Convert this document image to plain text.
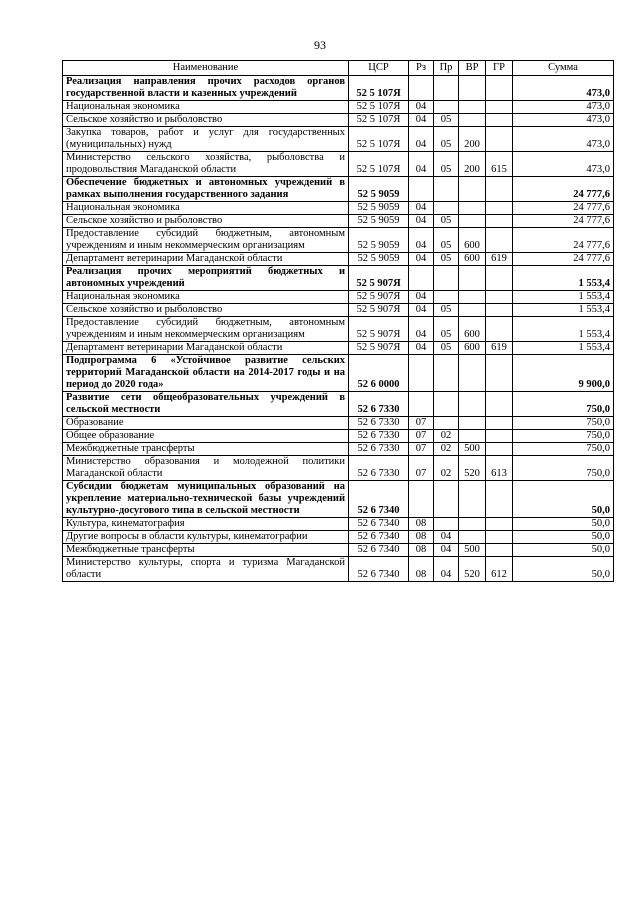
93
Наименование	ЦСР	Рз	Пр	ВР	ГР	Сумма
Реализация направления прочих расходов органов государственной власти и казенных учреждений	52 5 107Я					473,0
Национальная экономика	52 5 107Я	04				473,0
Сельское хозяйство и рыболовство	52 5 107Я	04	05			473,0
Закупка товаров, работ и услуг для государственных (муниципальных) нужд	52 5 107Я	04	05	200		473,0
Министерство сельского хозяйства, рыболовства и продовольствия Магаданской области	52 5 107Я	04	05	200	615	473,0
Обеспечение бюджетных и автономных учреждений в рамках выполнения государственного задания	52 5 9059					24 777,6
Национальная экономика	52 5 9059	04				24 777,6
Сельское хозяйство и рыболовство	52 5 9059	04	05			24 777,6
Предоставление субсидий бюджетным, автономным учреждениям и иным некоммерческим организациям	52 5 9059	04	05	600		24 777,6
Департамент ветеринарии Магаданской области	52 5 9059	04	05	600	619	24 777,6
Реализация прочих мероприятий бюджетных и автономных учреждений	52 5 907Я					1 553,4
Национальная экономика	52 5 907Я	04				1 553,4
Сельское хозяйство и рыболовство	52 5 907Я	04	05			1 553,4
Предоставление субсидий бюджетным, автономным учреждениям и иным некоммерческим организациям	52 5 907Я	04	05	600		1 553,4
Департамент ветеринарии Магаданской области	52 5 907Я	04	05	600	619	1 553,4
Подпрограмма 6 «Устойчивое развитие сельских территорий Магаданской области на 2014-2017 годы и на период до 2020 года»	52 6 0000					9 900,0
Развитие сети общеобразовательных учреждений в сельской местности	52 6 7330					750,0
Образование	52 6 7330	07				750,0
Общее образование	52 6 7330	07	02			750,0
Межбюджетные трансферты	52 6 7330	07	02	500		750,0
Министерство образования и молодежной политики Магаданской области	52 6 7330	07	02	520	613	750,0
Субсидии бюджетам муниципальных образований на укрепление материально-технической базы учреждений культурно-досугового типа в сельской местности	52 6 7340					50,0
Культура, кинематография	52 6 7340	08				50,0
Другие вопросы в области культуры, кинематографии	52 6 7340	08	04			50,0
Межбюджетные трансферты	52 6 7340	08	04	500		50,0
Министерство культуры, спорта и туризма Магаданской области	52 6 7340	08	04	520	612	50,0
